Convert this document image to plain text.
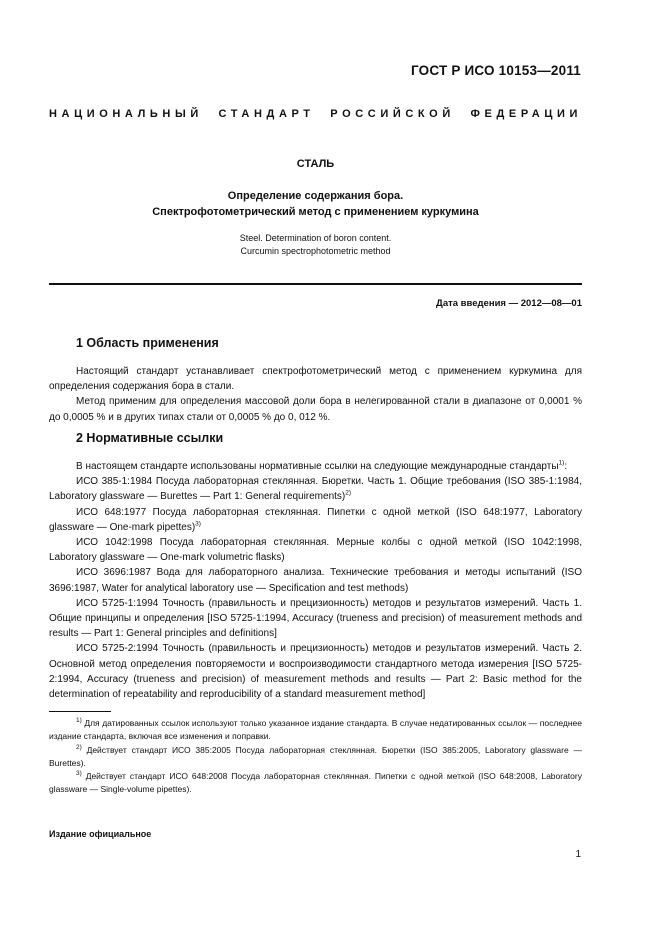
ГОСТ Р ИСО 10153—2011
НАЦИОНАЛЬНЫЙ СТАНДАРТ РОССИЙСКОЙ ФЕДЕРАЦИИ
СТАЛЬ
Определение содержания бора.
Спектрофотометрический метод с применением куркумина
Steel. Determination of boron content.
Curcumin spectrophotometric method
Дата введения — 2012—08—01
1 Область применения

Настоящий стандарт устанавливает спектрофотометрический метод с применением куркумина для определения содержания бора в стали.

Метод применим для определения массовой доли бора в нелегированной стали в диапазоне от 0,0001 % до 0,0005 % и в других типах стали от 0,0005 % до 0, 012 %.

2 Нормативные ссылки

В настоящем стандарте использованы нормативные ссылки на следующие международные стандарты$^{1)}$:

ИСО 385-1:1984 Посуда лабораторная стеклянная. Бюретки. Часть 1. Общие требования (ISO 385-1:1984, Laboratory glassware — Burettes — Part 1: General requirements)$^{2)}$

ИСО 648:1977 Посуда лабораторная стеклянная. Пипетки с одной меткой (ISO 648:1977, Laboratory glassware — One-mark pipettes)$^{3)}$

ИСО 1042:1998 Посуда лабораторная стеклянная. Мерные колбы с одной меткой (ISO 1042:1998, Laboratory glassware — One-mark volumetric flasks)

ИСО 3696:1987 Вода для лабораторного анализа. Технические требования и методы испытаний (ISO 3696:1987, Water for analytical laboratory use — Specification and test methods)

ИСО 5725-1:1994 Точность (правильность и прецизионность) методов и результатов измерений. Часть 1. Общие принципы и определения [ISO 5725-1:1994, Accuracy (trueness and precision) of measurement methods and results — Part 1: General principles and definitions]

ИСО 5725-2:1994 Точность (правильность и прецизионность) методов и результатов измерений. Часть 2. Основной метод определения повторяемости и воспроизводимости стандартного метода измерения [ISO 5725-2:1994, Accuracy (trueness and precision) of measurement methods and results — Part 2: Basic method for the determination of repeatability and reproducibility of a standard measurement method]

$^{1)}$ Для датированных ссылок используют только указанное издание стандарта. В случае недатированных ссылок — последнее издание стандарта, включая все изменения и поправки.

$^{2)}$ Действует стандарт ИСО 385:2005 Посуда лабораторная стеклянная. Бюретки (ISO 385:2005, Laboratory glassware — Burettes).

$^{3)}$ Действует стандарт ИСО 648:2008 Посуда лабораторная стеклянная. Пипетки с одной меткой (ISO 648:2008, Laboratory glassware — Single-volume pipettes).

Издание официальное
1
